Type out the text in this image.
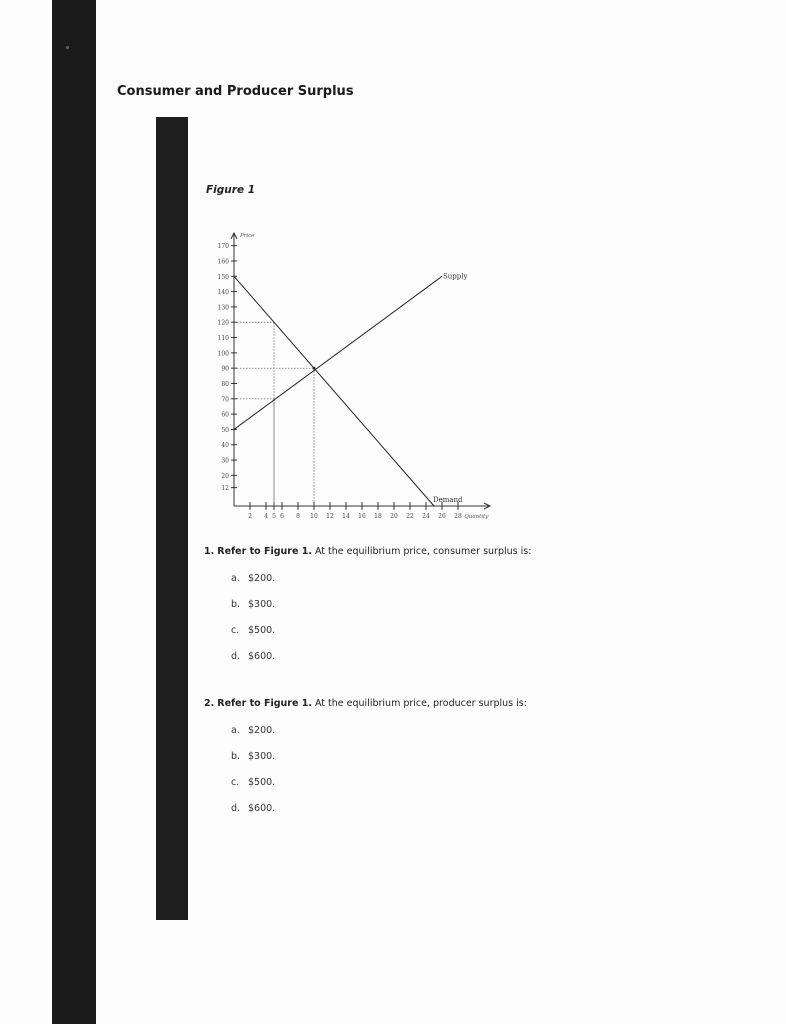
Consumer and Producer Surplus
Figure 1
12
20
30
40
50
60
70
80
90
100
110
120
130
140
150
160
170
2 4 5 6 8 10 12 14 16 18 20 22 24 26 28
Price
Quantity
Supply
Demand
1. Refer to Figure 1. At the equilibrium price, consumer surplus is:
a. $200.
b. $300.
c. $500.
d. $600.
2. Refer to Figure 1. At the equilibrium price, producer surplus is:
a. $200.
b. $300.
c. $500.
d. $600.
